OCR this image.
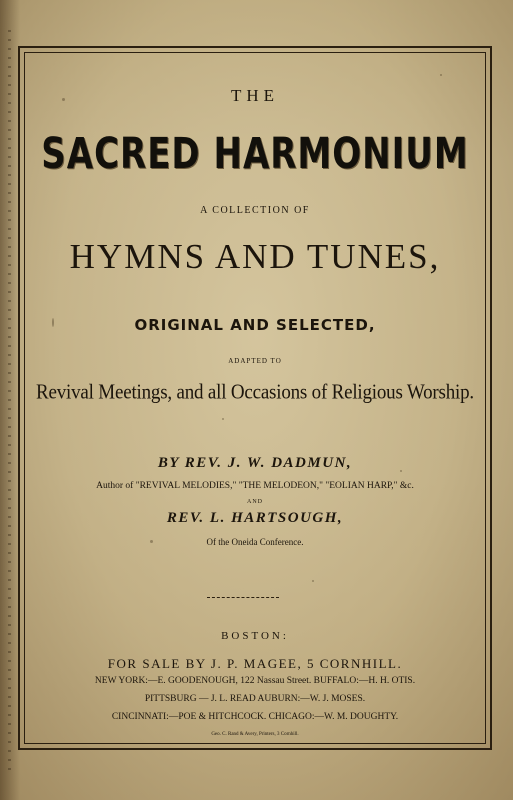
THE
SACRED HARMONIUM
A COLLECTION OF
HYMNS AND TUNES,
ORIGINAL AND SELECTED,
ADAPTED TO
Revival Meetings, and all Occasions of Religious Worship.
BY REV. J. W. DADMUN,
Author of "REVIVAL MELODIES," "THE MELODEON," "EOLIAN HARP," &c.
AND
REV. L. HARTSOUGH,
Of the Oneida Conference.
BOSTON:
FOR SALE BY J. P. MAGEE, 5 CORNHILL.
NEW YORK:—E. GOODENOUGH, 122 Nassau Street. BUFFALO:—H. H. OTIS.
PITTSBURG — J. L. READ AUBURN:—W. J. MOSES.
CINCINNATI:—POE & HITCHCOCK. CHICAGO:—W. M. DOUGHTY.
Geo. C. Rand & Avery, Printers, 3 Cornhill.
